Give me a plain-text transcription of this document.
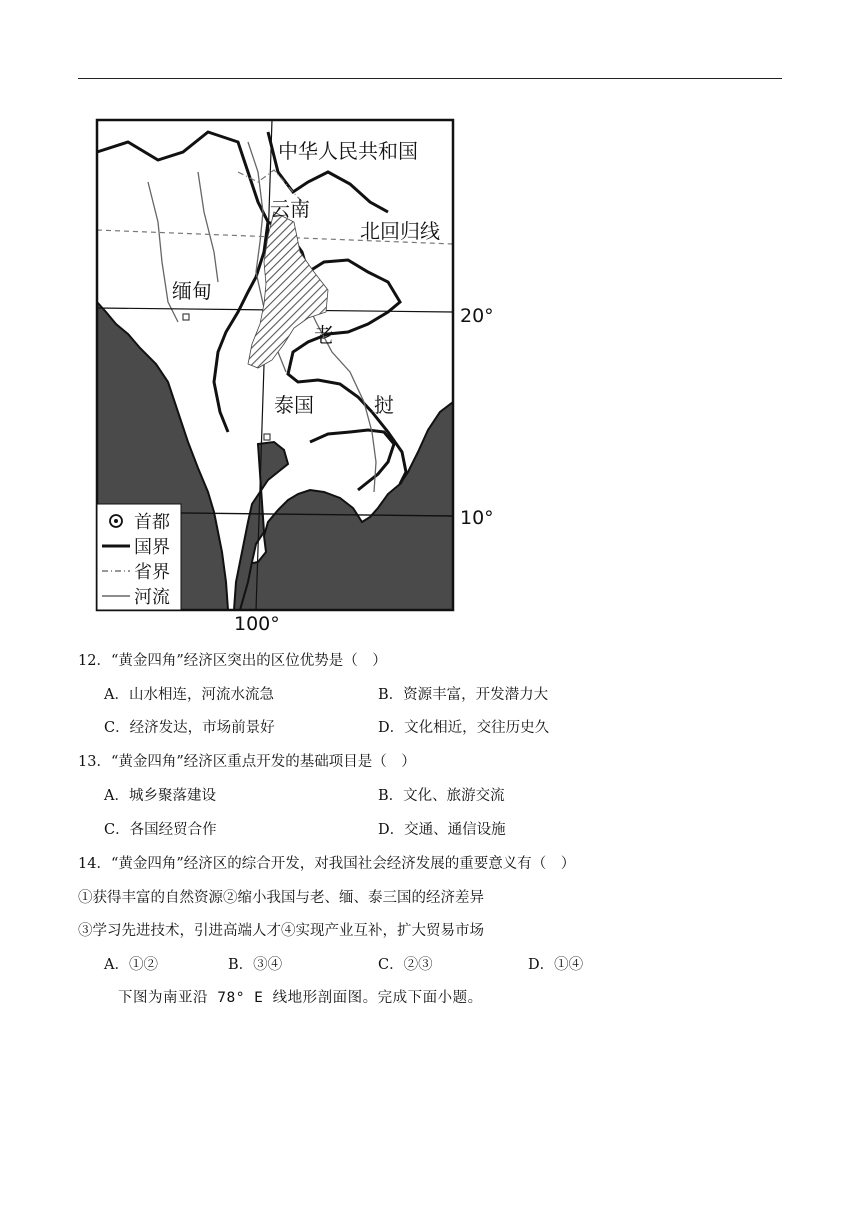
中华人民共和国
云南
北回归线
缅甸
老
泰国	挝
20°
10°
100°
首都
国界
省界
河流
12．“黄金四角”经济区突出的区位优势是（　）
A．山水相连，河流水流急	B．资源丰富，开发潜力大
C．经济发达，市场前景好	D．文化相近，交往历史久
13．“黄金四角”经济区重点开发的基础项目是（　）
A．城乡聚落建设	B．文化、旅游交流
C．各国经贸合作	D．交通、通信设施
14．“黄金四角”经济区的综合开发，对我国社会经济发展的重要意义有（　）
①获得丰富的自然资源②缩小我国与老、缅、泰三国的经济差异
③学习先进技术，引进高端人才④实现产业互补，扩大贸易市场
A．①②	B．③④	C．②③	D．①④
下图为南亚沿 78° E 线地形剖面图。完成下面小题。
